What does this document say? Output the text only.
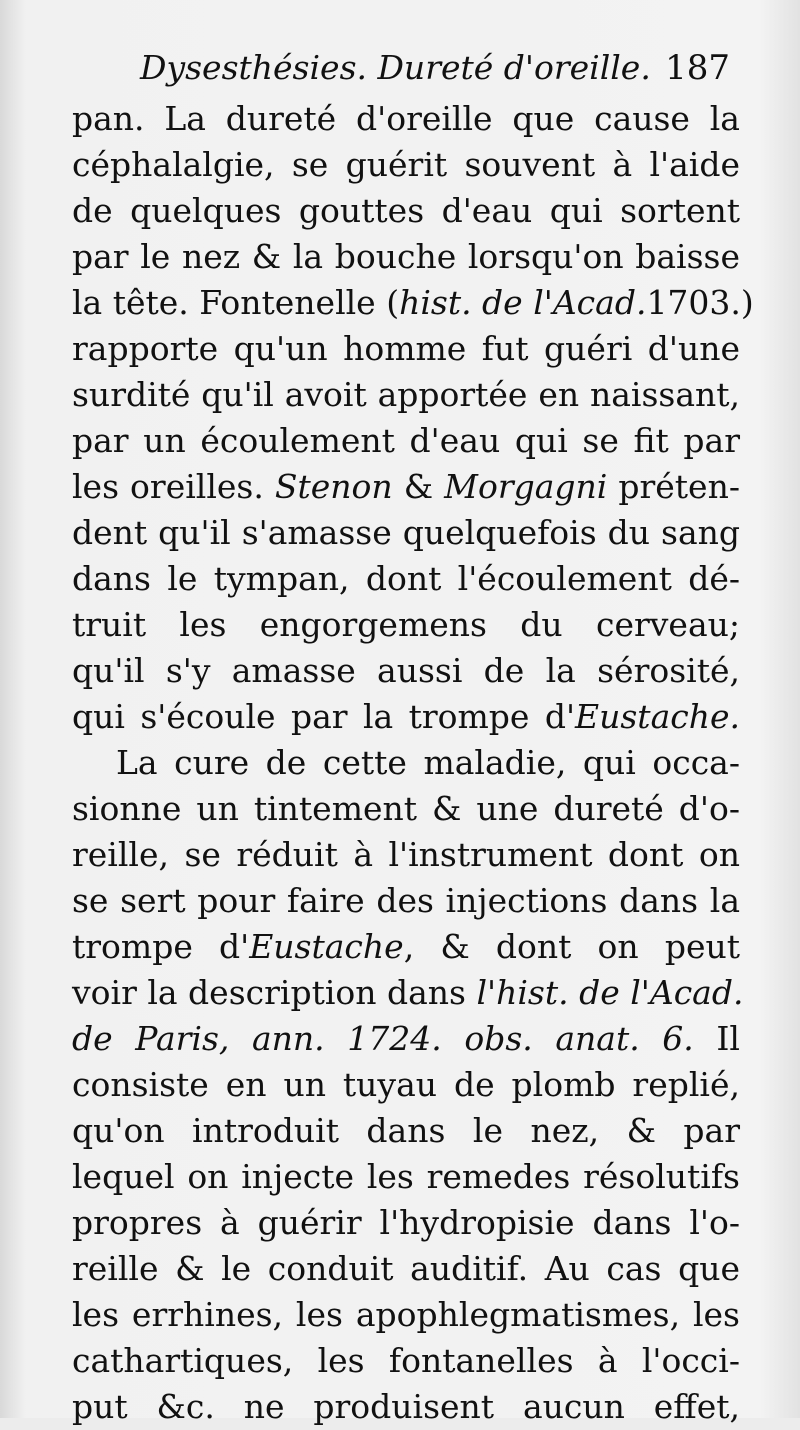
Dysesthésies. Dureté d'oreille. 187
pan. La dureté d'oreille que cause la
céphalalgie, se guérit souvent à l'aide
de quelques gouttes d'eau qui sortent
par le nez & la bouche lorsqu'on baisse
la tête. Fontenelle (hist. de l'Acad.1703.)
rapporte qu'un homme fut guéri d'une
surdité qu'il avoit apportée en naissant,
par un écoulement d'eau qui se fit par
les oreilles. Stenon & Morgagni préten-
dent qu'il s'amasse quelquefois du sang
dans le tympan, dont l'écoulement dé-
truit les engorgemens du cerveau;
qu'il s'y amasse aussi de la sérosité,
qui s'écoule par la trompe d'Eustache.
La cure de cette maladie, qui occa-
sionne un tintement & une dureté d'o-
reille, se réduit à l'instrument dont on
se sert pour faire des injections dans la
trompe d'Eustache, & dont on peut
voir la description dans l'hist. de l'Acad.
de Paris, ann. 1724. obs. anat. 6. Il
consiste en un tuyau de plomb replié,
qu'on introduit dans le nez, & par
lequel on injecte les remedes résolutifs
propres à guérir l'hydropisie dans l'o-
reille & le conduit auditif. Au cas que
les errhines, les apophlegmatismes, les
cathartiques, les fontanelles à l'occi-
put &c. ne produisent aucun effet,
